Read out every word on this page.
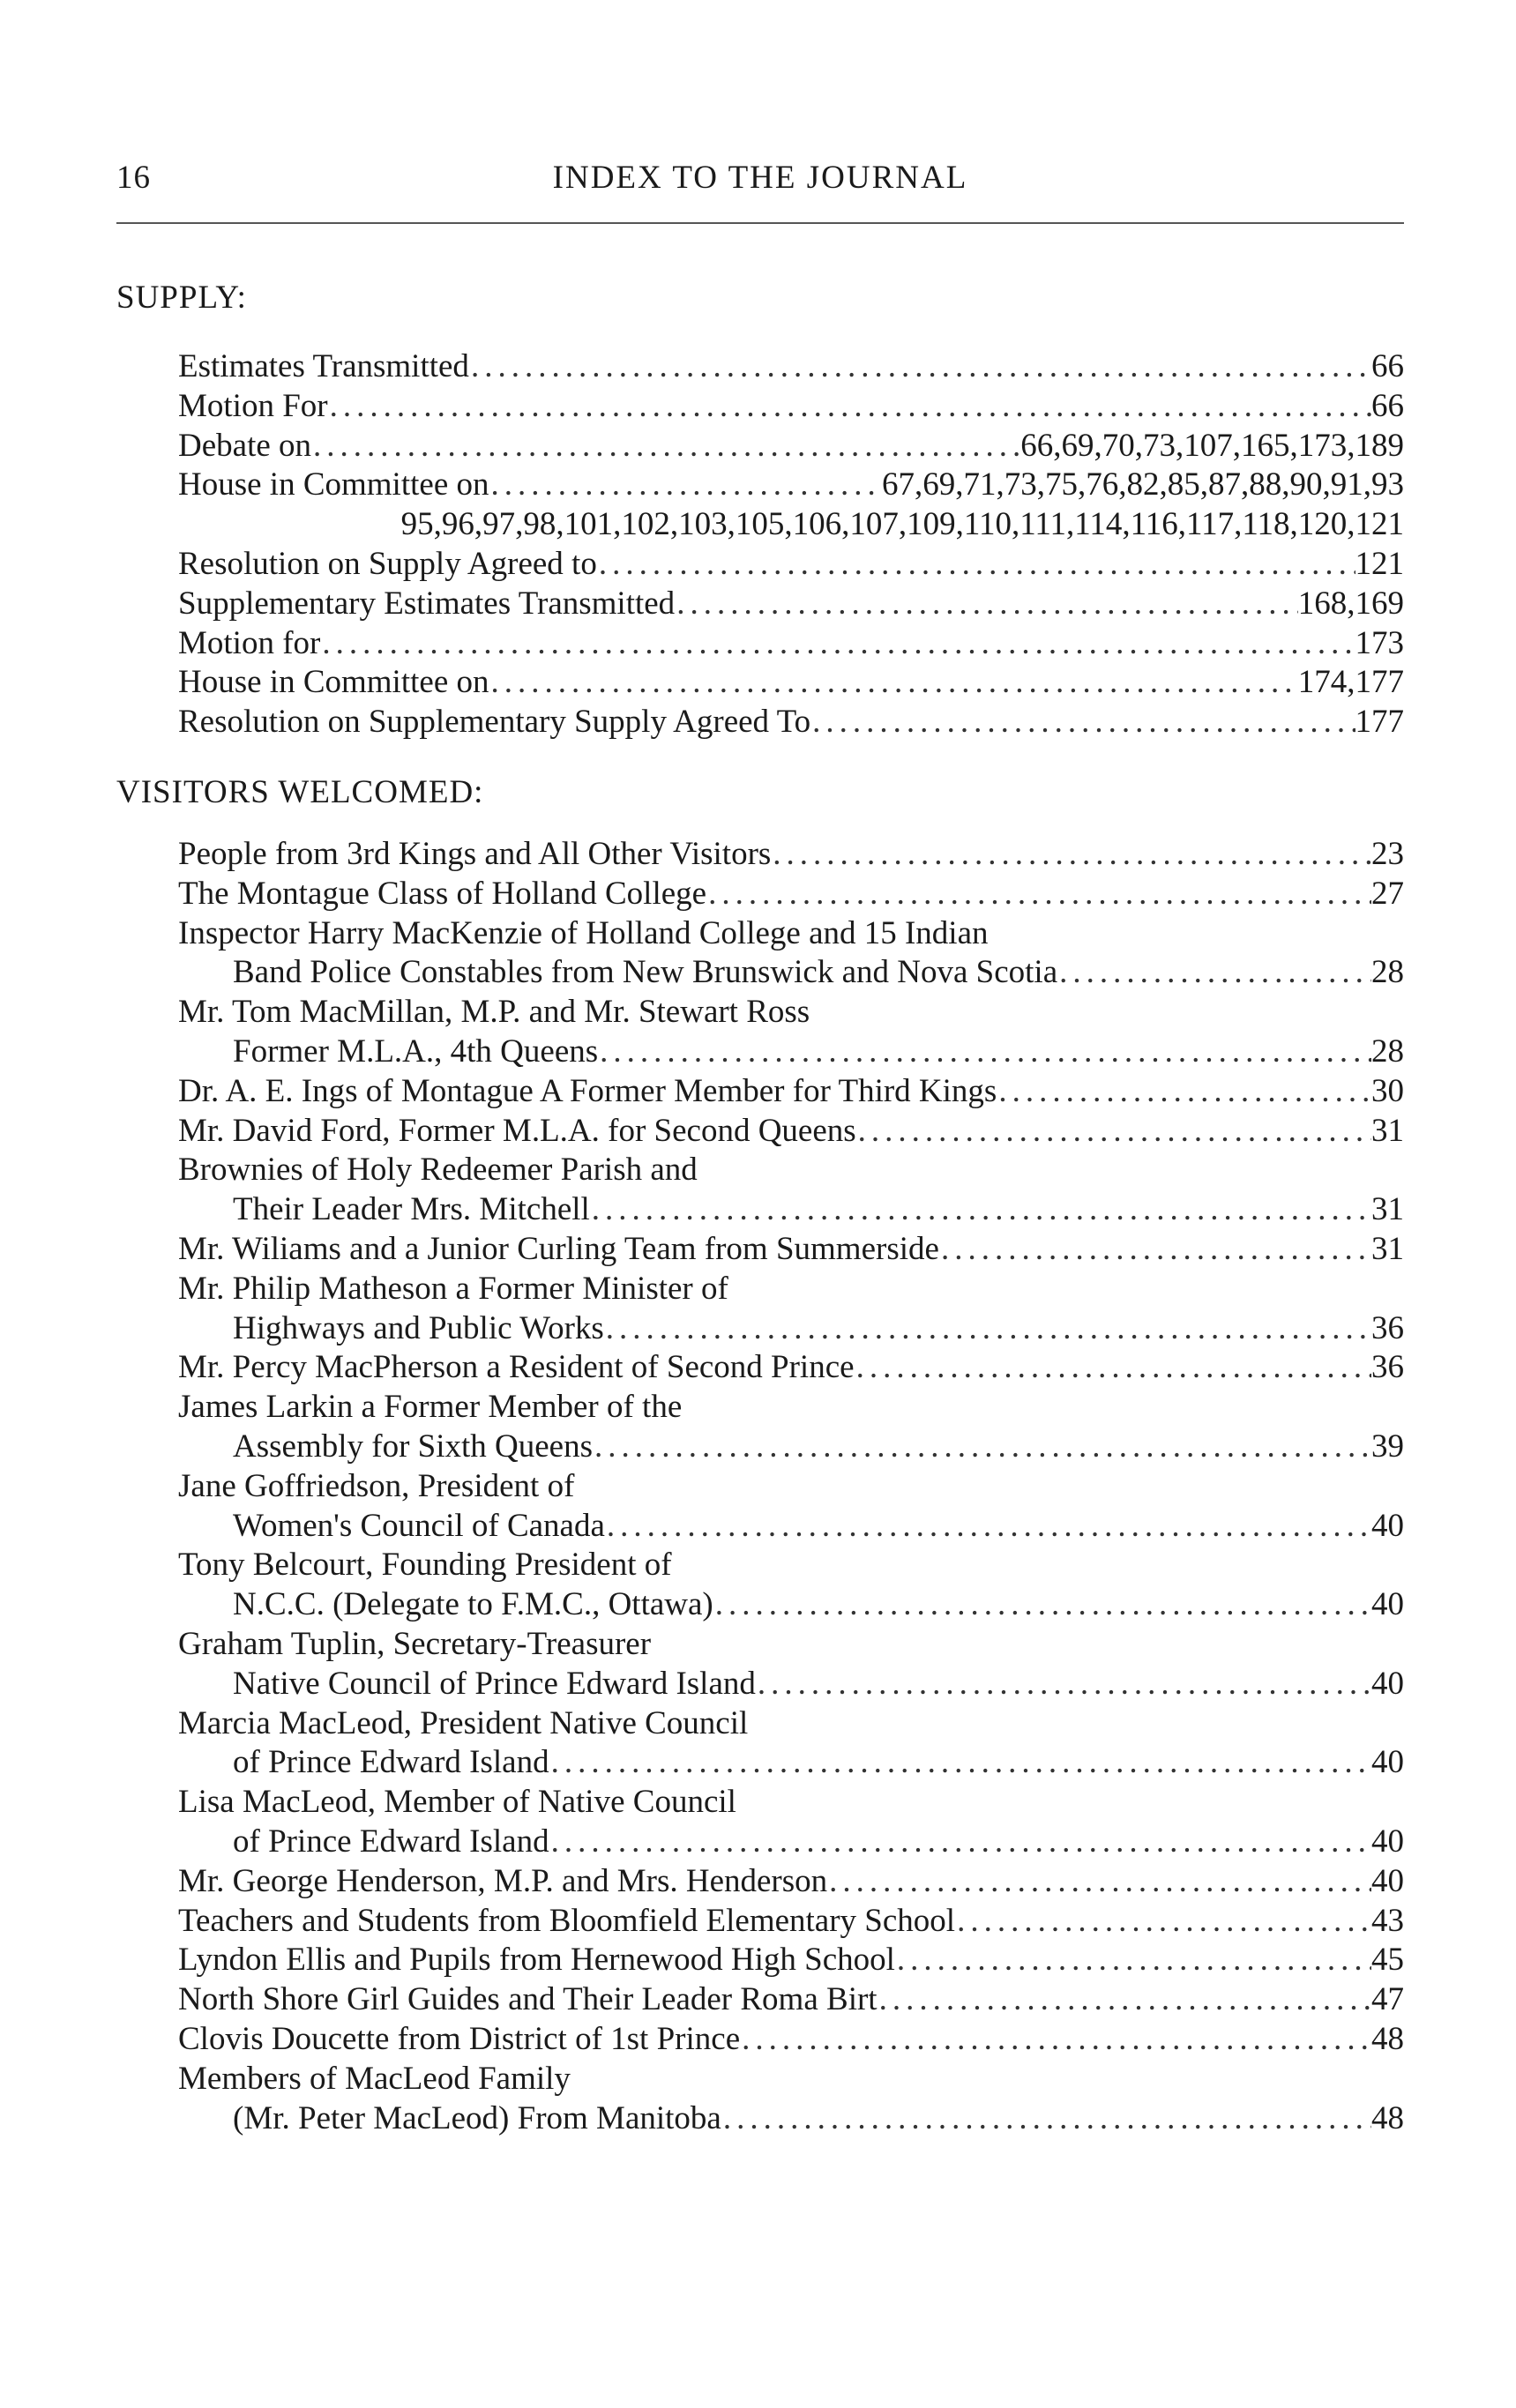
16	INDEX TO THE JOURNAL
SUPPLY:
Estimates Transmitted .....	66
Motion For .....	66
Debate on .....	66,69,70,73,107,165,173,189
House in Committee on .....	67,69,71,73,75,76,82,85,87,88,90,91,93
95,96,97,98,101,102,103,105,106,107,109,110,111,114,116,117,118,120,121
Resolution on Supply Agreed to .....	121
Supplementary Estimates Transmitted .....	168,169
Motion for .....	173
House in Committee on .....	174,177
Resolution on Supplementary Supply Agreed To .....	177
VISITORS WELCOMED:
People from 3rd Kings and All Other Visitors .....	23
The Montague Class of Holland College .....	27
Inspector Harry MacKenzie of Holland College and 15 Indian
Band Police Constables from New Brunswick and Nova Scotia .....	28
Mr. Tom MacMillan, M.P. and Mr. Stewart Ross
Former M.L.A., 4th Queens .....	28
Dr. A. E. Ings of Montague A Former Member for Third Kings .....	30
Mr. David Ford, Former M.L.A. for Second Queens .....	31
Brownies of Holy Redeemer Parish and
Their Leader Mrs. Mitchell .....	31
Mr. Wiliams and a Junior Curling Team from Summerside .....	31
Mr. Philip Matheson a Former Minister of
Highways and Public Works .....	36
Mr. Percy MacPherson a Resident of Second Prince .....	36
James Larkin a Former Member of the
Assembly for Sixth Queens .....	39
Jane Goffriedson, President of
Women's Council of Canada .....	40
Tony Belcourt, Founding President of
N.C.C. (Delegate to F.M.C., Ottawa) .....	40
Graham Tuplin, Secretary-Treasurer
Native Council of Prince Edward Island .....	40
Marcia MacLeod, President Native Council
of Prince Edward Island .....	40
Lisa MacLeod, Member of Native Council
of Prince Edward Island .....	40
Mr. George Henderson, M.P. and Mrs. Henderson .....	40
Teachers and Students from Bloomfield Elementary School .....	43
Lyndon Ellis and Pupils from Hernewood High School .....	45
North Shore Girl Guides and Their Leader Roma Birt .....	47
Clovis Doucette from District of 1st Prince .....	48
Members of MacLeod Family
(Mr. Peter MacLeod) From Manitoba .....	48
